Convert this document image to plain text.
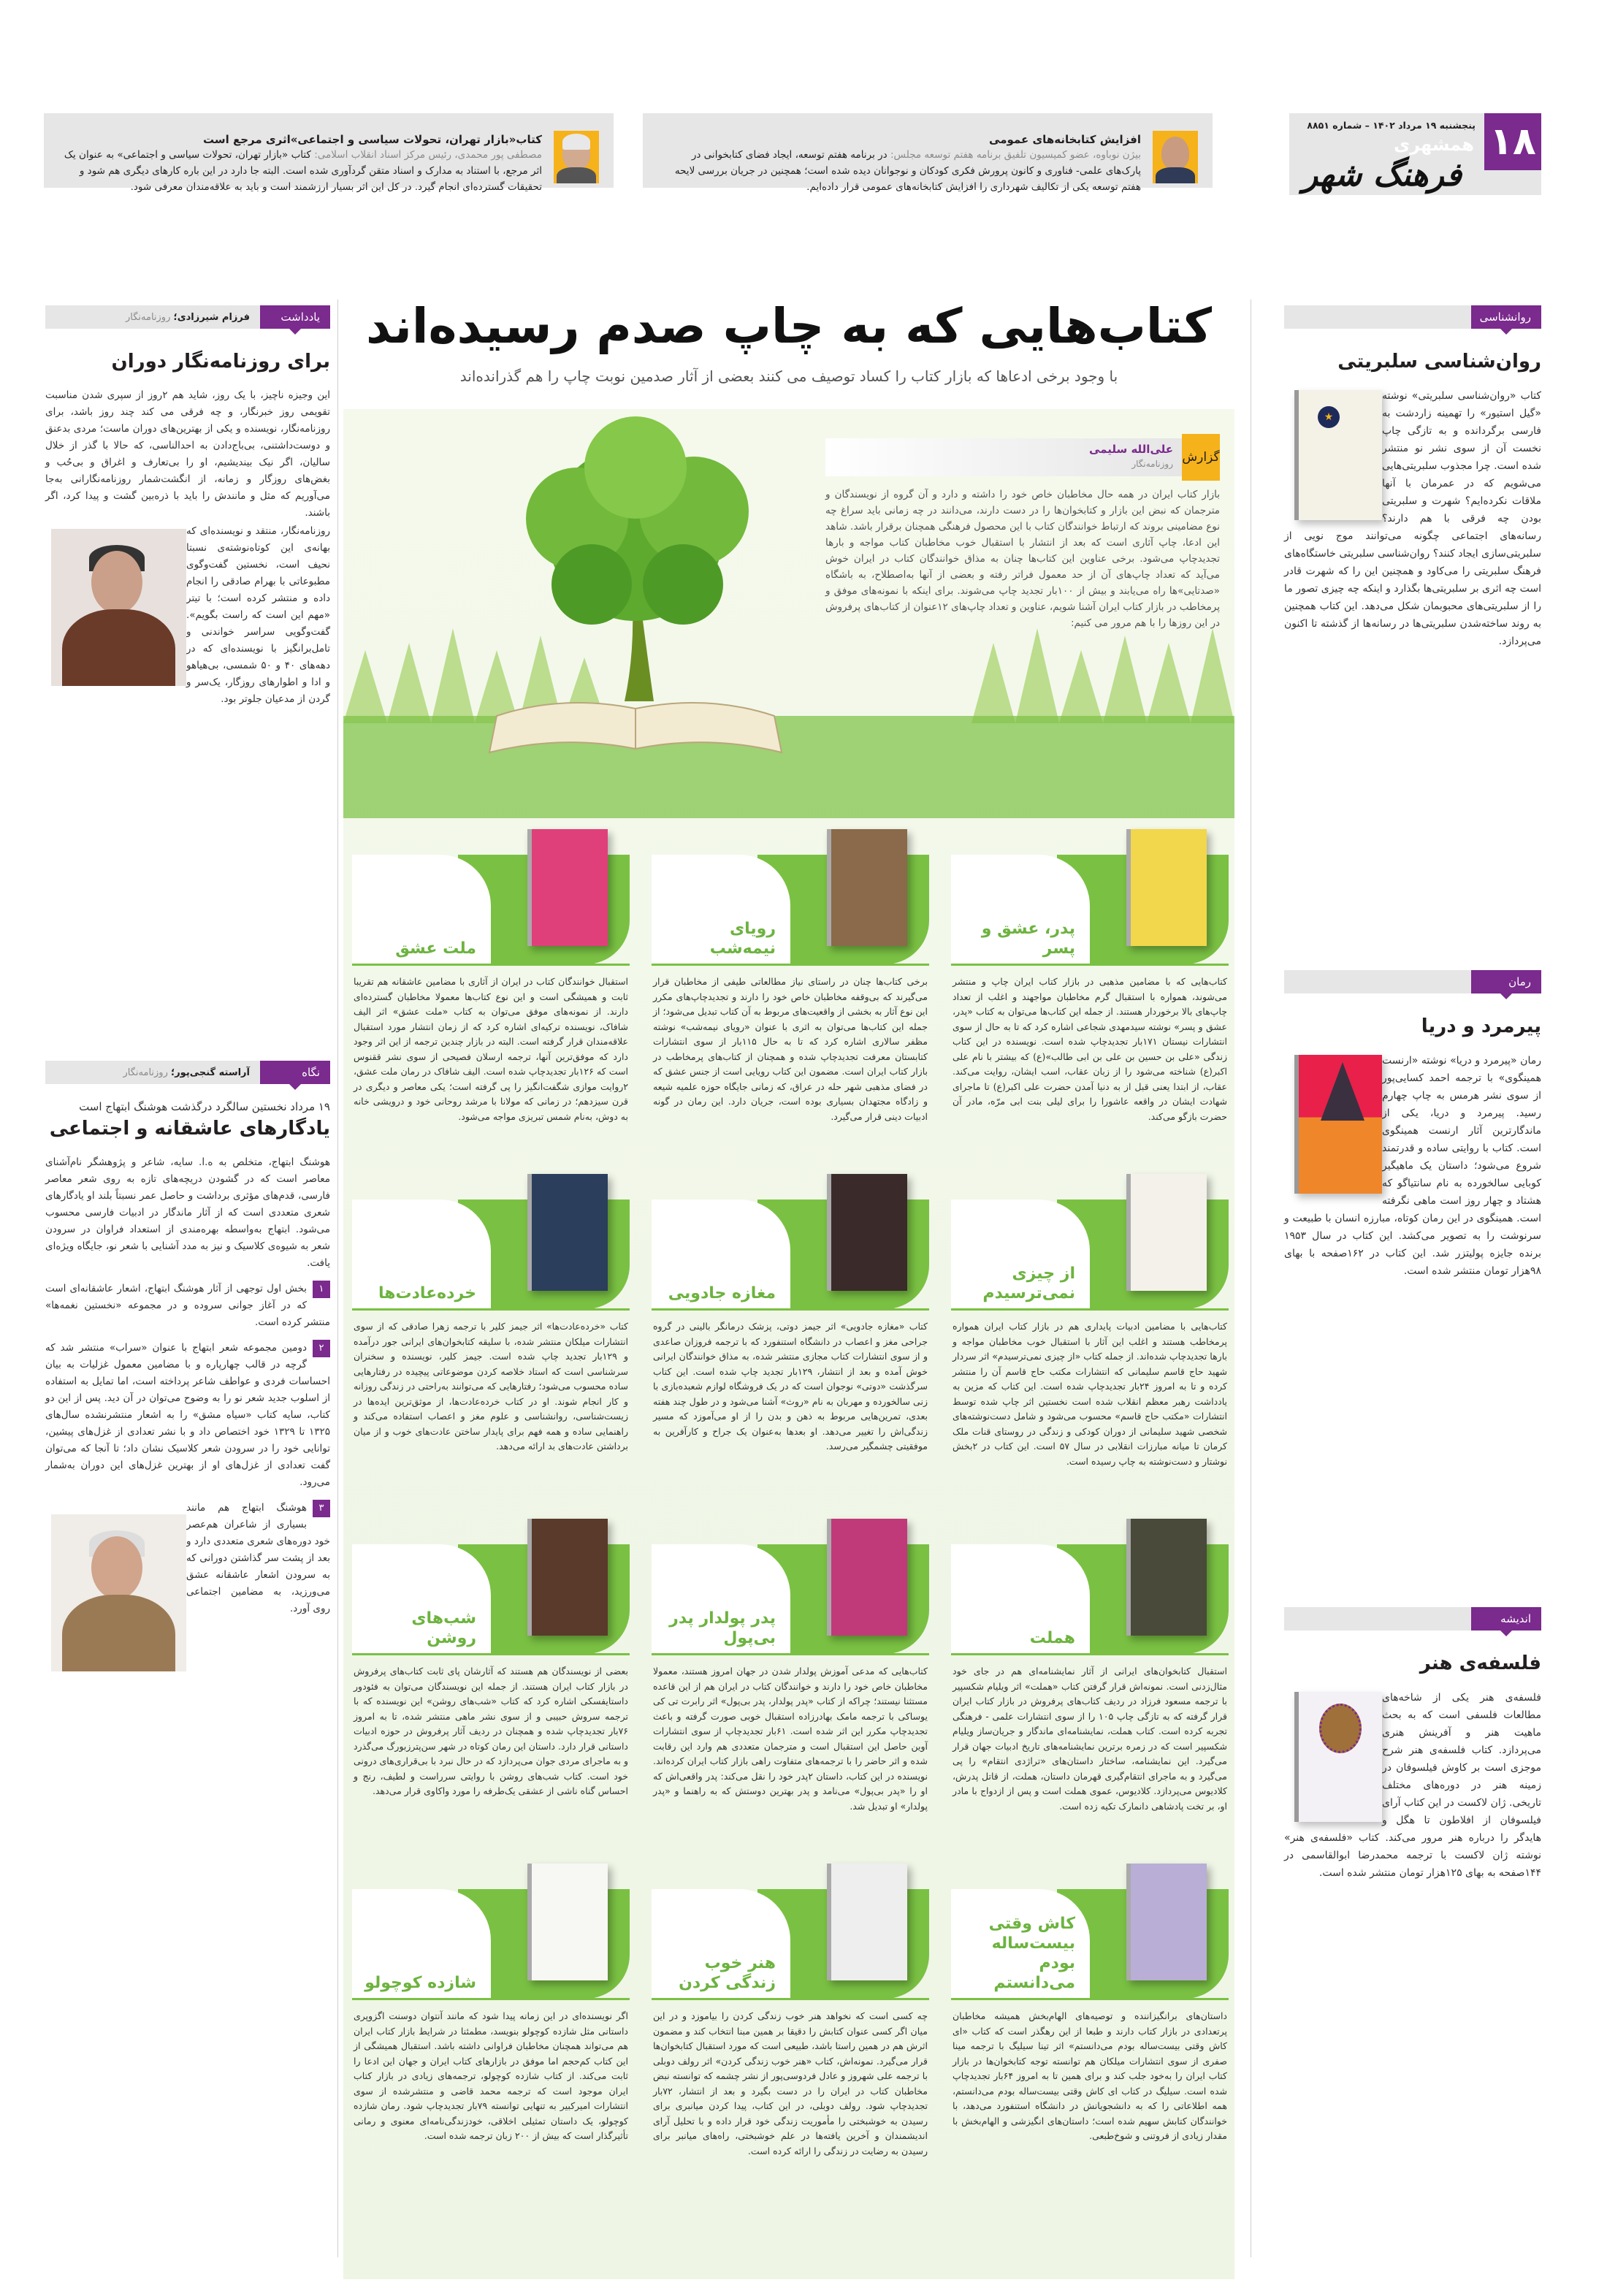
۱۸
پنجشنبه ۱۹ مرداد ۱۴۰۲ – شماره ۸۸۵۱
همشهری
فرهنگ شهر
افزایش کتابخانه‌های عمومی
بیژن نوباوه، عضو کمیسیون تلفیق برنامه هفتم توسعه مجلس: در برنامه هفتم توسعه، ایجاد فضای کتابخوانی در پارک‌های علمی- فناوری و کانون پرورش فکری کودکان و نوجوانان دیده شده است؛ همچنین در جریان بررسی لایحه هفتم توسعه یکی از تکالیف شهرداری را افزایش کتابخانه‌های عمومی قرار داده‌ایم.
کتاب«بازار تهران، تحولات سیاسی و اجتماعی»اثری مرجع است
مصطفی پور محمدی، رئیس مرکز اسناد انقلاب اسلامی: کتاب «بازار تهران، تحولات سیاسی و اجتماعی» به عنوان یک اثر مرجع، با استناد به مدارک و اسناد متقن گردآوری شده است. البته جا دارد در این باره کارهای دیگری هم شود و تحقیقات گسترده‌ای انجام گیرد. در کل این اثر بسیار ارزشمند است و باید به علاقه‌مندان معرفی شود.
کتاب‌هایی که به چاپ صدم رسیده‌اند
با وجود برخی ادعاها که بازار کتاب را کساد توصیف می کنند بعضی از آثار صدمین نوبت چاپ را هم گذرانده‌اند
گزارش
علی‌الله سلیمی
روزنامه‌نگار

بازار کتاب ایران در همه حال مخاطبان خاص خود را داشته و دارد و آن گروه از نویسندگان و مترجمان که نبض این بازار و کتابخوان‌ها را در دست دارند، می‌دانند در چه زمانی باید سراغ چه نوع مضامینی بروند که ارتباط خوانندگان کتاب با این محصول فرهنگی همچنان برقرار باشد. شاهد این ادعا، چاپ آثاری است که بعد از انتشار با استقبال خوب مخاطبان کتاب مواجه و بارها تجدیدچاپ می‌شود. برخی عناوین این کتاب‌ها چنان به مذاق خوانندگان کتاب در ایران خوش می‌آید که تعداد چاپ‌های آن از حد معمول فراتر رفته و بعضی از آنها به‌اصطلاح، به باشگاه «صدتایی»ها راه می‌یابند و بیش از ۱۰۰بار تجدید چاپ می‌شوند. برای اینکه با نمونه‌های موفق و پرمخاطب در بازار کتاب ایران آشنا شویم، عناوین و تعداد چاپ‌های ۱۲عنوان از کتاب‌های پرفروش در این روزها را با هم مرور می کنیم:

پدر، عشق و پسر

کتاب‌هایی که با مضامین مذهبی در بازار کتاب ایران چاپ و منتشر می‌شوند، همواره با استقبال گرم مخاطبان مواجهند و اغلب از تعداد چاپ‌های بالا برخوردار هستند. از جمله این کتاب‌ها می‌توان به کتاب «پدر، عشق و پسر» نوشته سیدمهدی شجاعی اشاره کرد که تا به حال از سوی انتشارات نیستان ۱۷۱بار تجدیدچاپ شده است. نویسنده در این کتاب زندگی «علی بن حسین بن علی بن ابی طالب»(ع) که بیشتر با نام علی اکبر(ع) شناخته می‌شود را از زبان عقاب، اسب ایشان، روایت می‌کند. عقاب، از ابتدا یعنی قبل از به دنیا آمدن حضرت علی اکبر(ع) تا ماجرای شهادت ایشان در واقعه عاشورا را برای لیلی بنت ابی مرّه، مادر آن حضرت بازگو می‌کند.

رویای نیمه‌شب

برخی کتاب‌ها چنان در راستای نیاز مطالعاتی طیفی از مخاطبان قرار می‌گیرند که بی‌وقفه مخاطبان خاص خود را دارند و تجدیدچاپ‌های مکرر این نوع آثار به بخشی از واقعیت‌های مربوط به آن کتاب تبدیل می‌شود؛ از جمله این کتاب‌ها می‌توان به اثری با عنوان «رویای نیمه‌شب» نوشته مظفر سالاری اشاره کرد که تا به حال ۱۱۵بار از سوی انتشارات کتابستان معرفت تجدیدچاپ شده و همچنان از کتاب‌های پرمخاطب در بازار کتاب ایران است. مضمون این کتاب رویایی است از جنس عشق که در فضای مذهبی شهر حله در عراق، که زمانی جایگاه حوزه علمیه شیعه و زادگاه مجتهدان بسیاری بوده است، جریان دارد. این رمان در گونه ادبیات دینی قرار می‌گیرد.

ملت عشق

استقبال خوانندگان کتاب در ایران از آثاری با مضامین عاشقانه هم تقریبا ثابت و همیشگی است و این نوع کتاب‌ها معمولا مخاطبان گسترده‌ای دارند. از نمونه‌های موفق می‌توان به کتاب «ملت عشق» اثر الیف شافاک، نویسنده ترکیه‌ای اشاره کرد که از زمان انتشار مورد استقبال علاقه‌مندان قرار گرفته است. البته در بازار چندین ترجمه از این اثر وجود دارد که موفق‌ترین آنها، ترجمه ارسلان فصیحی از سوی نشر ققنوس است که ۱۲۶بار تجدیدچاپ شده است. الیف شافاک در رمان ملت عشق، ۲روایت موازی شگفت‌انگیز را پی گرفته است؛ یکی معاصر و دیگری در قرن سیزدهم؛ در زمانی که مولانا با مرشد روحانی خود و درویشی خانه به دوش، به‌نام شمس تبریزی مواجه می‌شود.

از چیزی نمی‌ترسیدم

کتاب‌هایی با مضامین ادبیات پایداری هم در بازار کتاب ایران همواره پرمخاطب هستند و اغلب این آثار با استقبال خوب مخاطبان مواجه و بارها تجدیدچاپ شده‌اند. از جمله کتاب «از چیزی نمی‌ترسیدم» اثر سردار شهید حاج قاسم سلیمانی که انتشارات مکتب حاج قاسم آن را منتشر کرده و تا به امروز ۲۴بار تجدیدچاپ شده است. این کتاب که مزین به یادداشت رهبر معظم انقلاب شده است نخستین اثر چاپ شده توسط انتشارات «مکتب حاج قاسم» محسوب می‌شود و شامل دست‌نوشته‌های شخصی شهید سلیمانی از دوران کودکی و زندگی در روستای قنات ملک کرمان تا میانه مبارزات انقلابی در سال ۵۷ است. این کتاب در ۲بخش نوشتار و دست‌نوشته به چاپ رسیده است.

مغازه جادویی

کتاب «مغازه جادویی» اثر جیمز دوتی، پزشک درمانگر بالینی در گروه جراحی مغز و اعصاب در دانشگاه استنفورد که با ترجمه فروزان صاعدی و از سوی انتشارات کتاب مجازی منتشر شده، به مذاق خوانندگان ایرانی خوش آمده و بعد از انتشار، ۱۲۹بار تجدید چاپ شده است. این کتاب سرگذشت «دوتی» نوجوان است که در یک فروشگاه لوازم شعبده‌بازی با زنی سالخورده و مهربان به نام «روث» آشنا می‌شود و در طول چند هفته بعدی، تمرین‌هایی مربوط به ذهن و بدن را از او می‌آموزد که مسیر زندگی‌اش را تغییر می‌دهد. او بعدها به‌عنوان یک جراح و کارآفرین به موفقیتی چشمگیر می‌رسد.

خرده‌عادت‌ها

کتاب «خرده‌عادت‌ها» اثر جیمز کلیر با ترجمه زهرا صادقی که از سوی انتشارات میلکان منتشر شده، با سلیقه کتابخوان‌های ایرانی جور درآمده و ۱۲۹بار تجدید چاپ شده است. جیمز کلیر، نویسنده و سخنران سرشناسی است که استاد خلاصه کردن موضوعاتی پیچیده در رفتارهایی ساده محسوب می‌شود؛ رفتارهایی که می‌توانند به‌راحتی در زندگی روزانه و کار انجام شوند. او در کتاب خرده‌عادت‌ها، از موثق‌ترین ایده‌ها در زیست‌شناسی، روانشناسی و علوم مغز و اعصاب استفاده می‌کند و راهنمایی ساده و همه فهم برای پایدار ساختن عادت‌های خوب و از میان برداشتن عادت‌های بد ارائه می‌دهد.

هملت

استقبال کتابخوان‌های ایرانی از آثار نمایشنامه‌ای هم در جای خود مثال‌زدنی است. نمونه‌اش قرار گرفتن کتاب «هملت» اثر ویلیام شکسپیر با ترجمه مسعود فرزاد در ردیف کتاب‌های پرفروش در بازار کتاب ایران قرار گرفته که به تازگی چاپ ۱۰۵ را از سوی انتشارات علمی - فرهنگی تجربه کرده است. کتاب هملت، نمایشنامه‌ای ماندگار و جریان‌ساز ویلیام شکسپیر است که در زمره برترین نمایشنامه‌های تاریخ ادبیات جهان قرار می‌گیرد. این نمایشنامه، ساختار داستان‌های «تراژدی انتقام» را پی می‌گیرد و به ماجرای انتقام‌گیری قهرمان داستان، هملت، از قاتل پدرش، کلادیوس می‌پردازد. کلادیوس، عموی هملت است و پس از ازدواج با مادر او، بر تخت پادشاهی دانمارک تکیه زده است.

پدر پولدار پدر بی‌پول

کتاب‌هایی که مدعی آموزش پولدار شدن در جهان امروز هستند، معمولا مخاطبان خاص خود را دارند و خوانندگان کتاب در ایران هم از این قاعده مستثنا نیستند؛ چراکه از کتاب «پدر پولدار، پدر بی‌پول» اثر رابرت تی کی یوساکی با ترجمه مامک بهادرزاده استقبال خوبی صورت گرفته و باعث تجدیدچاپ مکرر این اثر شده است. ۶۱بار تجدیدچاپ از سوی انتشارات آوین حاصل این استقبال است و مترجمان متعددی هم وارد این رقابت شده و اثر حاضر را با ترجمه‌های متفاوت راهی بازار کتاب ایران کرده‌اند. نویسنده در این کتاب، داستان ۲پدر خود را نقل می‌کند: پدر واقعی‌اش که او را «پدر بی‌پول» می‌نامد و پدر بهترین دوستش که به راهنما و «پدر پولدار» او تبدیل شد.

شب‌های روشن

بعضی از نویسندگان هم هستند که آثارشان پای ثابت کتاب‌های پرفروش در بازار کتاب ایران هستند. از جمله این نویسندگان می‌توان به فئودور داستایفسکی اشاره کرد که کتاب «شب‌های روشن» این نویسنده که با ترجمه سروش حبیبی و از سوی نشر ماهی منتشر شده، تا به امروز ۷۶بار تجدیدچاپ شده و همچنان در ردیف آثار پرفروش در حوزه ادبیات داستانی قرار دارد. داستان این رمان کوتاه در شهر سن‌پترزبورگ می‌گذرد و به ماجرای مردی جوان می‌پردازد که در حال نبرد با بی‌قراری‌های درونی خود است. کتاب شب‌های روشن با روایتی سرراست و لطیف، رنج و احساس گناه ناشی از عشقی یک‌طرفه را مورد واکاوی قرار می‌دهد.

کاش وقتی بیست‌ساله بودم می‌دانستم

داستان‌های برانگیزاننده و توصیه‌های الهام‌بخش همیشه مخاطبان پرتعدادی در بازار کتاب دارند و طبعا از این رهگذر است که کتاب «ای کاش وقتی بیست‌ساله بودم می‌دانستم» اثر تینا سیلیگ با ترجمه مینا صفری از سوی انتشارات میلکان هم توانسته توجه کتابخوان‌ها در بازار کتاب ایران را به‌خود جلب کند و برای همین تا به امروز ۶۴بار تجدیدچاپ شده است. سیلیگ در کتاب ای کاش وقتی بیست‌ساله بودم می‌دانستم، همه اطلاعاتی را که به دانشجویانش در دانشگاه استنفورد می‌دهد، با خوانندگان کتابش سهیم شده است؛ داستان‌های انگیزشی و الهام‌بخش با مقدار زیادی از فروتنی و شوخ‌طبعی.

هنر خوب زندگی کردن

چه کسی است که نخواهد هنر خوب زندگی کردن را بیاموزد و در این میان اگر کسی عنوان کتابش را دقیقا بر همین مبنا انتخاب کند و مضمون اثرش هم در همین راستا باشد، طبیعی است که مورد استقبال کتابخوان‌ها قرار می‌گیرد. نمونه‌اش، کتاب «هنر خوب زندگی کردن» اثر رولف دوبلی با ترجمه علی شهروز و عادل فردوسی‌پور از نشر چشمه که توانسته نبض مخاطبان کتاب در ایران را در دست بگیرد و بعد از انتشار، ۷۲بار تجدیدچاپ شود. رولف دوبلی، در این کتاب، پیدا کردن میانبری برای رسیدن به خوشبختی را مأموریت زندگی خود قرار داده و با تحلیل آرای اندیشمندان و آخرین یافته‌ها در علم خوشبختی، راه‌های میانبر برای رسیدن به رضایت در زندگی را ارائه کرده است.

شازده کوچولو

اگر نویسنده‌ای در این زمانه پیدا شود که مانند آنتوان دوسنت اگزوپری داستانی مثل شازده کوچولو بنویسد، مطمئنا در شرایط بازار کتاب ایران هم می‌تواند همچنان مخاطبان فراوانی داشته باشد. استقبال همیشگی از این کتاب کم‌حجم اما موفق در بازارهای کتاب ایران و جهان این ادعا را ثابت می‌کند. از کتاب شازده کوچولو، ترجمه‌های زیادی در بازار کتاب ایران موجود است که ترجمه محمد قاضی و منتشرشده از سوی انتشارات امیرکبیر به تنهایی توانسته ۷۹بار تجدیدچاپ شود. رمان شازده کوچولو، یک داستان تمثیلی اخلاقی، خودزندگی‌نامه‌ای معنوی و رمانی تأثیرگذار است که بیش از ۲۰۰ زبان ترجمه شده است.

یادداشت
فرزام شیرزادی؛ روزنامه‌نگار
برای روزنامه‌نگار دوران

این وجیزه ناچیز، با یک روز، شاید هم ۲روز از سپری شدن مناسبت تقویمی روز خبرنگار، و چه فرقی می کند چند روز باشد، برای روزنامه‌نگار، نویسنده و یکی از بهترین‌های دوران ماست؛ مردی بدعنق و دوست‌داشتنی، بی‌باج‌دادن به احدالناسی، که حالا با گذر از خلال سالیان، اگر نیک بیندیشیم، او را بی‌تعارف و اغراق و بی‌حُب و بغض‌های روزگار و زمانه، از انگشت‌شمار روزنامه‌نگارانی به‌جا می‌آوریم که مثل و مانندش را باید با ذره‌بین گشت و پیدا کرد، اگر باشند.

روزنامه‌نگار، منتقد و نویسنده‌ای که بهانه‌ی این کوتاه‌نوشته‌ی نسبتا نحیف است، نخستین گفت‌وگوی مطبوعاتی با بهرام صادقی را انجام داده و منتشر کرده است؛ با تیتر «مهم این است که راست بگویم». گفت‌وگویی سراسر خواندنی و تامل‌برانگیز با نویسنده‌ای که در دهه‌های ۴۰ و ۵۰ شمسی، بی‌هیاهو و ادا و اطوارهای روزگار، یک‌سر و گردن از مدعیان جلوتر بود.

نگاه
آراسته گنجی‌پور؛ روزنامه‌نگار
۱۹ مرداد نخستین سالگرد درگذشت هوشنگ ابتهاج است
یادگارهای عاشقانه و اجتماعی

هوشنگ ابتهاج، متخلص به ه.ا. سایه، شاعر و پژوهشگر نام‌آشنای معاصر است که در گشودن دریچه‌های تازه به روی شعر معاصر فارسی، قدم‌های مؤثری برداشت و حاصل عمر نسبتاً بلند او یادگارهای شعری متعددی است که از آثار ماندگار در ادبیات فارسی محسوب می‌شود. ابتهاج به‌واسطه بهره‌مندی از استعداد فراوان در سرودن شعر به شیوه‌ی کلاسیک و نیز به مدد آشنایی با شعر نو، جایگاه ویژه‌ای یافت.

۱
بخش اول توجهی از آثار هوشنگ ابتهاج، اشعار عاشقانه‌ای است که در آغاز جوانی سروده و در مجموعه «نخستین نغمه‌ها» منتشر کرده است.

۲
دومین مجموعه شعر ابتهاج با عنوان «سراب» منتشر شد که گرچه در قالب چهارپاره و با مضامین معمول غزلیات به بیان احساسات فردی و عواطف شاعر پرداخته است، اما تمایل به استفاده از اسلوب جدید شعر نو را به وضوح می‌توان در آن دید. پس از این دو کتاب، سایه کتاب «سیاه مشق» را به اشعار منتشرنشده سال‌های ۱۳۲۵ تا ۱۳۲۹ خود اختصاص داد و با نشر تعدادی از غزل‌های پیشین، توانایی خود را در سرودن شعر کلاسیک نشان داد؛ تا آنجا که می‌توان گفت تعدادی از غزل‌های او از بهترین غزل‌های این دوران به‌شمار می‌رود.

۳
هوشنگ ابتهاج هم مانند بسیاری از شاعران هم‌عصر خود دوره‌های شعری متعددی دارد و بعد از پشت سر گذاشتن دورانی که به سرودن اشعار عاشقانه عشق می‌ورزید، به مضامین اجتماعی روی آورد.

روانشناسی
روان‌شناسی سلبریتی
★

کتاب «روان‌شناسی سلبریتی» نوشته «گیل استیور» را تهمینه زاردشت به فارسی برگردانده و به تازگی چاپ نخست آن از سوی نشر نو منتشر شده است. چرا مجذوب سلبریتی‌هایی می‌شویم که در عمرمان با آنها ملاقات نکرده‌ایم؟ شهرت و سلبریتی بودن چه فرقی با هم دارند؟ رسانه‌های اجتماعی چگونه می‌توانند موج نویی از سلبریتی‌سازی ایجاد کنند؟ روان‌شناسی سلبریتی خاستگاه‌های فرهنگ سلبریتی را می‌کاود و همچنین این را که شهرت قادر است چه اثری بر سلبریتی‌ها بگذارد و اینکه چه چیزی تصور ما را از سلبریتی‌های محبوبمان شکل می‌دهد. این کتاب همچنین به روند ساخته‌شدن سلبریتی‌ها در رسانه‌ها از گذشته تا اکنون می‌پردازد.

رمان
پیرمرد و دریا

رمان «پیرمرد و دریا» نوشته «ارنست همینگوی» با ترجمه احمد کسایی‌پور از سوی نشر هرمس به چاپ چهارم رسید. پیرمرد و دریا، یکی از ماندگارترین آثار ارنست همینگوی است. کتاب با روایتی ساده و قدرتمند شروع می‌شود؛ داستان یک ماهیگیر کوبایی سالخورده به نام سانتیاگو که هشتاد و چهار روز است ماهی نگرفته است. همینگوی در این رمان کوتاه، مبارزه انسان با طبیعت و سرنوشت را به تصویر می‌کشد. این کتاب در سال ۱۹۵۳ برنده جایزه پولیتزر شد. این کتاب در ۱۶۲صفحه با بهای ۹۸هزار تومان منتشر شده است.

اندیشه
فلسفه‌ی هنر

فلسفه‌ی هنر یکی از شاخه‌های مطالعات فلسفی است که به بحث ماهیت هنر و آفرینش هنری می‌پردازد. کتاب فلسفه‌ی هنر شرح موجزی است بر کاوش فیلسوفان در زمینه هنر در دوره‌های مختلف تاریخی. ژان لاکست در این کتاب آرای فیلسوفان از افلاطون تا هگل و هایدگر را درباره هنر مرور می‌کند. کتاب «فلسفه‌ی هنر» نوشته ژان لاکست با ترجمه محمدرضا ابوالقاسمی در ۱۴۴صفحه به بهای ۱۲۵هزار تومان منتشر شده است.
